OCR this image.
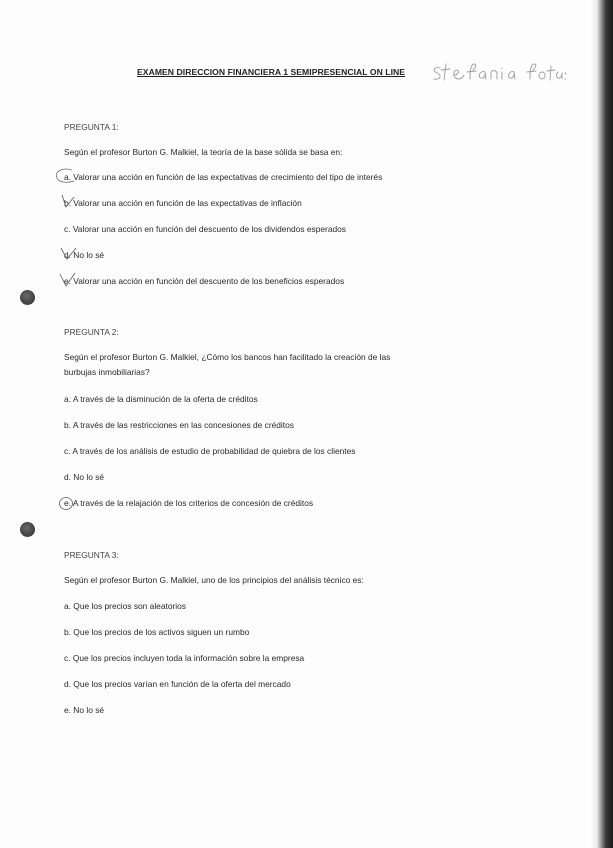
EXAMEN DIRECCION FINANCIERA 1 SEMIPRESENCIAL ON LINE
PREGUNTA 1:
Según el profesor Burton G. Malkiel, la teoría de la base sólida se basa en:
a. Valorar una acción en función de las expectativas de crecimiento del tipo de interés
b. Valorar una acción en función de las expectativas de inflación
c. Valorar una acción en función del descuento de los dividendos esperados
d. No lo sé
e. Valorar una acción en función del descuento de los beneficios esperados
PREGUNTA 2:
Según el profesor Burton G. Malkiel, ¿Cómo los bancos han facilitado la creación de las
burbujas inmobiliarias?
a. A través de la disminución de la oferta de créditos
b. A través de las restricciones en las concesiones de créditos
c. A través de los análisis de estudio de probabilidad de quiebra de los clientes
d. No lo sé
e. A través de la relajación de los criterios de concesión de créditos
PREGUNTA 3:
Según el profesor Burton G. Malkiel, uno de los principios del análisis técnico es:
a. Que los precios son aleatorios
b. Que los precios de los activos siguen un rumbo
c. Que los precios incluyen toda la información sobre la empresa
d. Que los precios varían en función de la oferta del mercado
e. No lo sé
